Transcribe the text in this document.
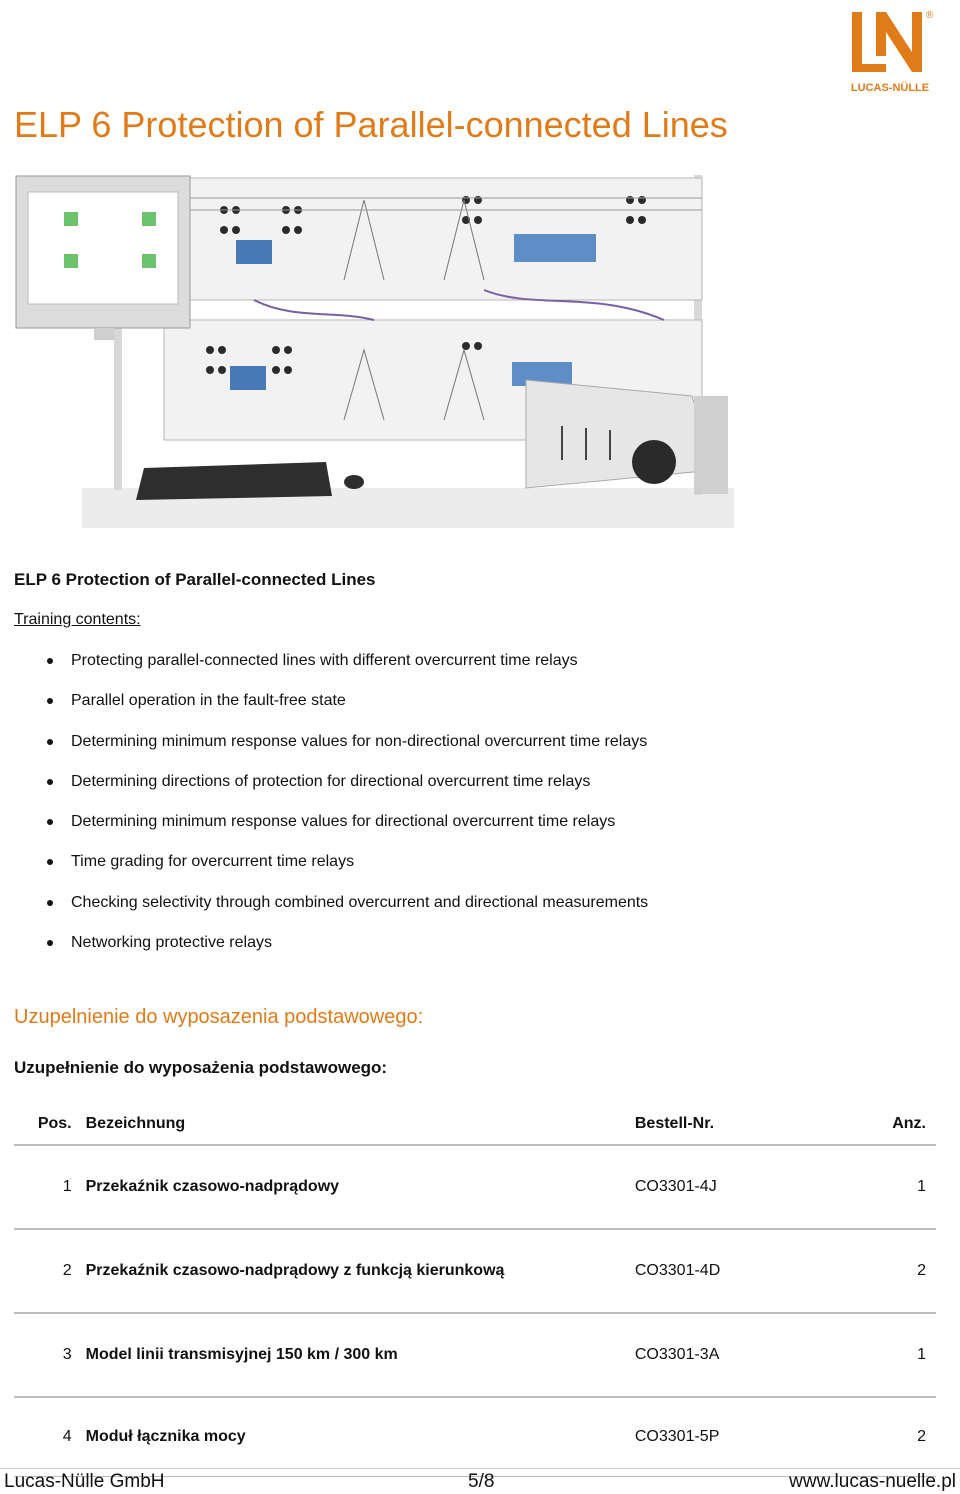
®
LUCAS-NÜLLE
ELP 6 Protection of Parallel-connected Lines
ELP 6 Protection of Parallel-connected Lines
Training contents:
Protecting parallel-connected lines with different overcurrent time relays
Parallel operation in the fault-free state
Determining minimum response values for non-directional overcurrent time relays
Determining directions of protection for directional overcurrent time relays
Determining minimum response values for directional overcurrent time relays
Time grading for overcurrent time relays
Checking selectivity through combined overcurrent and directional measurements
Networking protective relays
Uzupelnienie do wyposazenia podstawowego:
Uzupełnienie do wyposażenia podstawowego:
Pos.	Bezeichnung	Bestell-Nr.	Anz.
1	Przekaźnik czasowo-nadprądowy	CO3301-4J	1
2	Przekaźnik czasowo-nadprądowy z funkcją kierunkową	CO3301-4D	2
3	Model linii transmisyjnej 150 km / 300 km	CO3301-3A	1
4	Moduł łącznika mocy	CO3301-5P	2
Lucas-Nülle GmbH	5/8	www.lucas-nuelle.pl
